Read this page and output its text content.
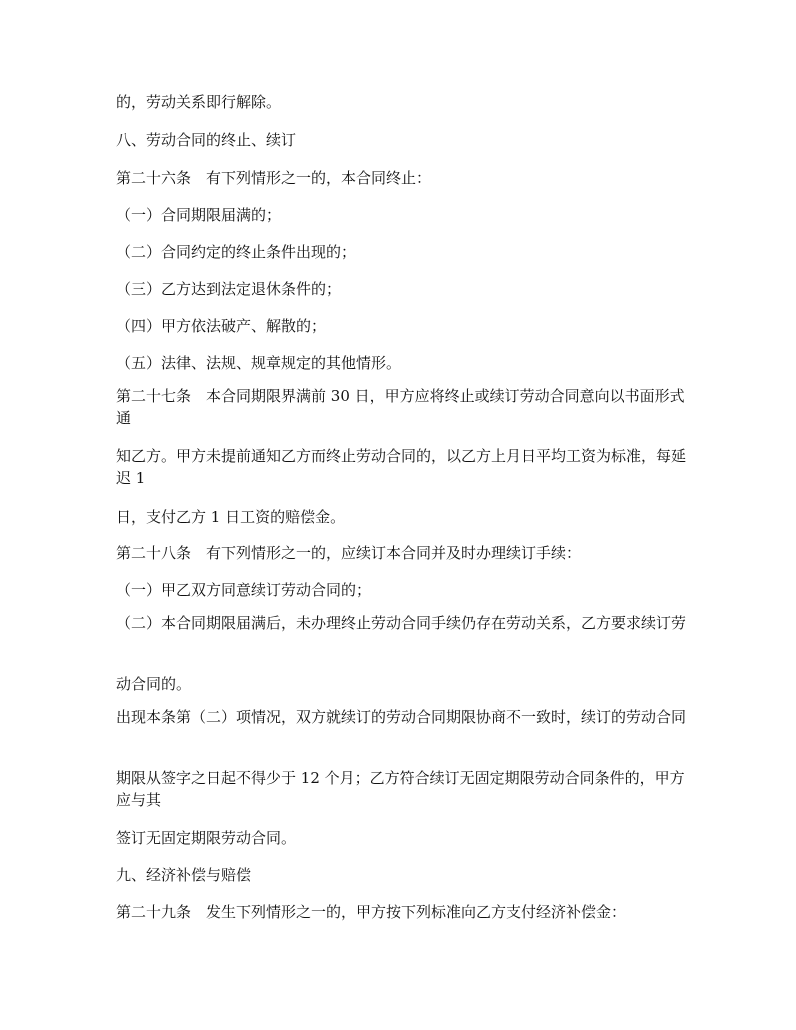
的，劳动关系即行解除。

八、劳动合同的终止、续订

第二十六条　有下列情形之一的，本合同终止：

（一）合同期限届满的；

（二）合同约定的终止条件出现的；

（三）乙方达到法定退休条件的；

（四）甲方依法破产、解散的；

（五）法律、法规、规章规定的其他情形。

第二十七条　本合同期限界满前 30 日，甲方应将终止或续订劳动合同意向以书面形式通

知乙方。甲方未提前通知乙方而终止劳动合同的，以乙方上月日平均工资为标准，每延迟 1

日，支付乙方 1 日工资的赔偿金。

第二十八条　有下列情形之一的，应续订本合同并及时办理续订手续：

（一）甲乙双方同意续订劳动合同的；

（二）本合同期限届满后，未办理终止劳动合同手续仍存在劳动关系，乙方要求续订劳

动合同的。

出现本条第（二）项情况，双方就续订的劳动合同期限协商不一致时，续订的劳动合同

期限从签字之日起不得少于 12 个月；乙方符合续订无固定期限劳动合同条件的，甲方应与其

签订无固定期限劳动合同。

九、经济补偿与赔偿

第二十九条　发生下列情形之一的，甲方按下列标准向乙方支付经济补偿金：
